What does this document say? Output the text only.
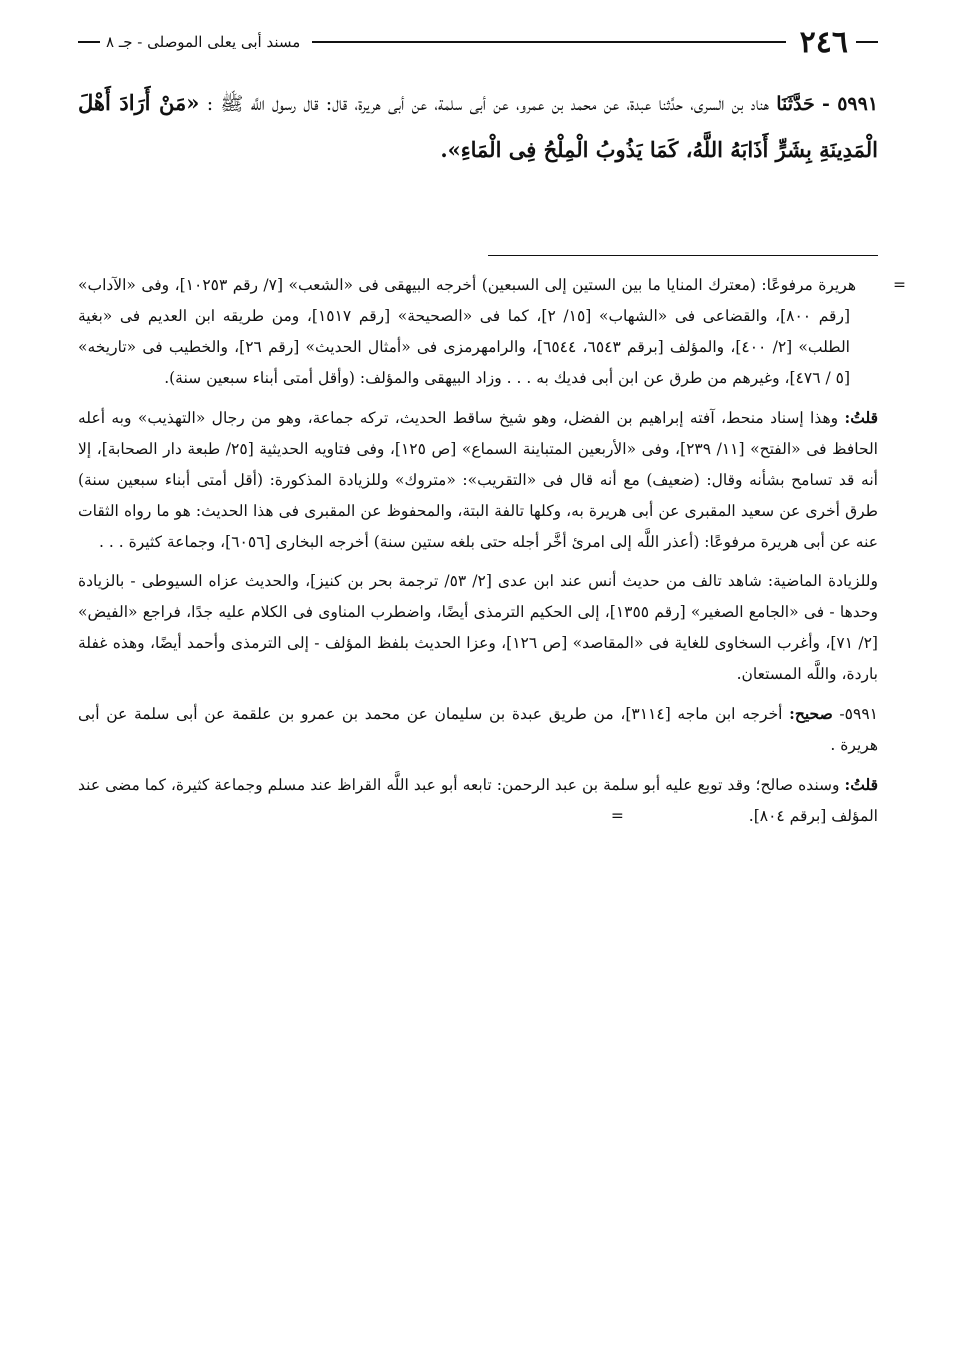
٢٤٦
مسند أبى يعلى الموصلى - جـ ٨

٥٩٩١ - حَدَّثَنَا هناد بن السرى، حدَّثنا عبدة، عن محمد بن عمرو، عن أبى سلمة، عن أبى هريرة، قال: قال رسول اللَّه ﷺ : «مَنْ أَرَادَ أَهْلَ الْمَدِينَةِ بِشَرٍّ أَذَابَهُ اللَّهُ، كَمَا يَذُوبُ الْمِلْحُ فِى الْمَاءِ».

=هريرة مرفوعًا: (معترك المنايا ما بين الستين إلى السبعين) أخرجه البيهقى فى «الشعب» [٧/ رقم ١٠٢٥٣]، وفى «الآداب» [رقم ٨٠٠]، والقضاعى فى «الشهاب» [١٥/ ٢]، كما فى «الصحيحة» [رقم ١٥١٧]، ومن طريقه ابن العديم فى «بغية الطلب» [٢/ ٤٠٠]، والمؤلف [برقم ٦٥٤٣، ٦٥٤٤]، والرامهرمزى فى «أمثال الحديث» [رقم ٢٦]، والخطيب فى «تاريخه» [٥ / ٤٧٦]، وغيرهم من طرق عن ابن أبى فديك به . . . وزاد البيهقى والمؤلف: (وأقل أمتى أبناء سبعين سنة).

قلتُ: وهذا إسناد منحط، آفته إبراهيم بن الفضل، وهو شيخ ساقط الحديث، تركه جماعة، وهو من رجال «التهذيب» وبه أعله الحافظ فى «الفتح» [١١/ ٢٣٩]، وفى «الأربعين المتباينة السماع» [ص ١٢٥]، وفى فتاويه الحديثية [٢٥/ طبعة دار الصحابة]، إلا أنه قد تسامح بشأنه وقال: (ضعيف) مع أنه قال فى «التقريب»: «متروك» وللزيادة المذكورة: (أقل أمتى أبناء سبعين سنة) طرق أخرى عن سعيد المقبرى عن أبى هريرة به، وكلها تالفة البتة، والمحفوظ عن المقبرى فى هذا الحديث: هو ما رواه الثقات عنه عن أبى هريرة مرفوعًا: (أعذر اللَّه إلى امرئ أخَّر أجله حتى بلغه ستين سنة) أخرجه البخارى [٦٠٥٦]، وجماعة كثيرة . . .

وللزيادة الماضية: شاهد تالف من حديث أنس عند ابن عدى [٢/ ٥٣/ ترجمة بحر بن كنيز]، والحديث عزاه السيوطى - بالزيادة وحدها - فى «الجامع الصغير» [رقم ١٣٥٥]، إلى الحكيم الترمذى أيضًا، واضطرب المناوى فى الكلام عليه جدًا، فراجع «الفيض» [٢/ ٧١]، وأغرب السخاوى للغاية فى «المقاصد» [ص ١٢٦]، وعزا الحديث بلفظ المؤلف - إلى الترمذى وأحمد أيضًا، وهذه غفلة باردة، واللَّه المستعان.

٥٩٩١- صحيح: أخرجه ابن ماجه [٣١١٤]، من طريق عبدة بن سليمان عن محمد بن عمرو بن علقمة عن أبى سلمة عن أبى هريرة .

قلتُ: وسنده صالح؛ وقد توبع عليه أبو سلمة بن عبد الرحمن: تابعه أبو عبد اللَّه القراظ عند مسلم وجماعة كثيرة، كما مضى عند المؤلف [برقم ٨٠٤]. =
